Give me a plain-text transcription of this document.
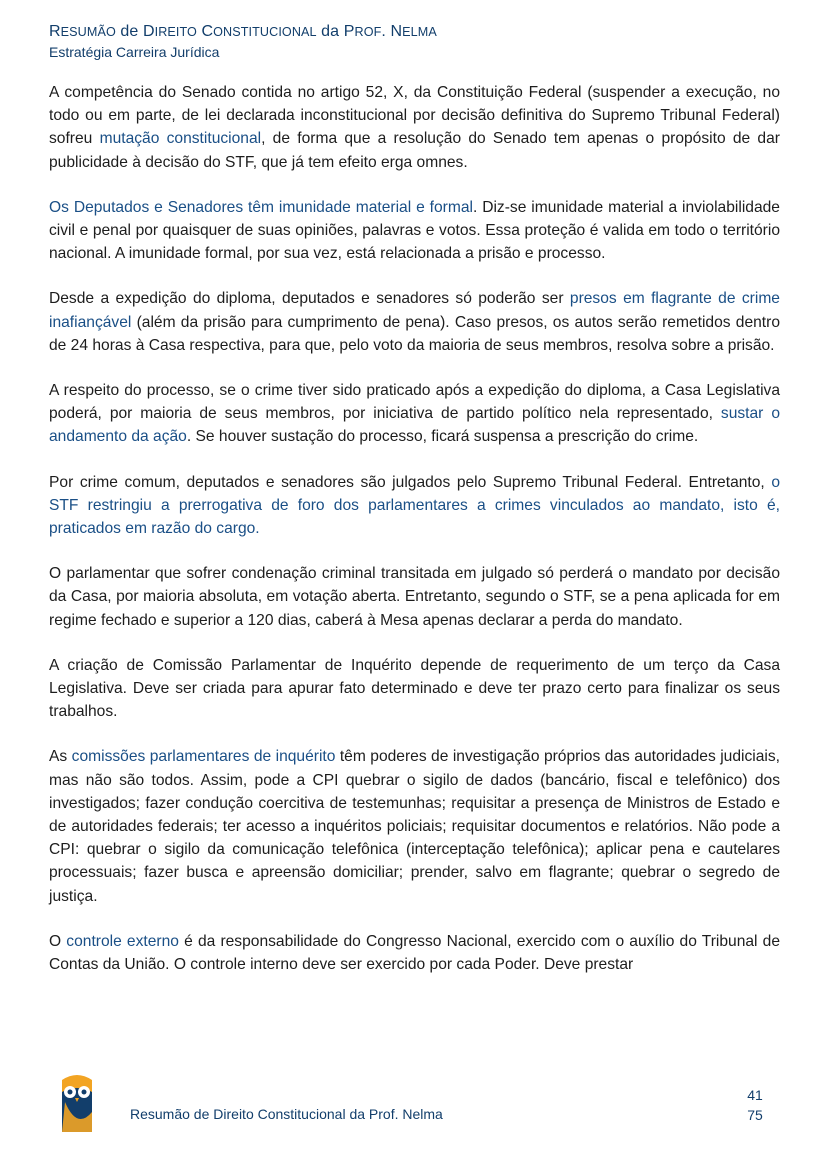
RESUMÃO de DIREITO CONSTITUCIONAL da PROF. NELMA
Estratégia Carreira Jurídica

A competência do Senado contida no artigo 52, X, da Constituição Federal (suspender a execução, no todo ou em parte, de lei declarada inconstitucional por decisão definitiva do Supremo Tribunal Federal) sofreu mutação constitucional, de forma que a resolução do Senado tem apenas o propósito de dar publicidade à decisão do STF, que já tem efeito erga omnes.

Os Deputados e Senadores têm imunidade material e formal. Diz-se imunidade material a inviolabilidade civil e penal por quaisquer de suas opiniões, palavras e votos. Essa proteção é valida em todo o território nacional. A imunidade formal, por sua vez, está relacionada a prisão e processo.

Desde a expedição do diploma, deputados e senadores só poderão ser presos em flagrante de crime inafiançável (além da prisão para cumprimento de pena). Caso presos, os autos serão remetidos dentro de 24 horas à Casa respectiva, para que, pelo voto da maioria de seus membros, resolva sobre a prisão.

A respeito do processo, se o crime tiver sido praticado após a expedição do diploma, a Casa Legislativa poderá, por maioria de seus membros, por iniciativa de partido político nela representado, sustar o andamento da ação. Se houver sustação do processo, ficará suspensa a prescrição do crime.

Por crime comum, deputados e senadores são julgados pelo Supremo Tribunal Federal. Entretanto, o STF restringiu a prerrogativa de foro dos parlamentares a crimes vinculados ao mandato, isto é, praticados em razão do cargo.

O parlamentar que sofrer condenação criminal transitada em julgado só perderá o mandato por decisão da Casa, por maioria absoluta, em votação aberta. Entretanto, segundo o STF, se a pena aplicada for em regime fechado e superior a 120 dias, caberá à Mesa apenas declarar a perda do mandato.

A criação de Comissão Parlamentar de Inquérito depende de requerimento de um terço da Casa Legislativa. Deve ser criada para apurar fato determinado e deve ter prazo certo para finalizar os seus trabalhos.

As comissões parlamentares de inquérito têm poderes de investigação próprios das autoridades judiciais, mas não são todos. Assim, pode a CPI quebrar o sigilo de dados (bancário, fiscal e telefônico) dos investigados; fazer condução coercitiva de testemunhas; requisitar a presença de Ministros de Estado e de autoridades federais; ter acesso a inquéritos policiais; requisitar documentos e relatórios. Não pode a CPI: quebrar o sigilo da comunicação telefônica (interceptação telefônica); aplicar pena e cautelares processuais; fazer busca e apreensão domiciliar; prender, salvo em flagrante; quebrar o segredo de justiça.

O controle externo é da responsabilidade do Congresso Nacional, exercido com o auxílio do Tribunal de Contas da União. O controle interno deve ser exercido por cada Poder. Deve prestar

Resumão de Direito Constitucional da Prof. Nelma
41
75
